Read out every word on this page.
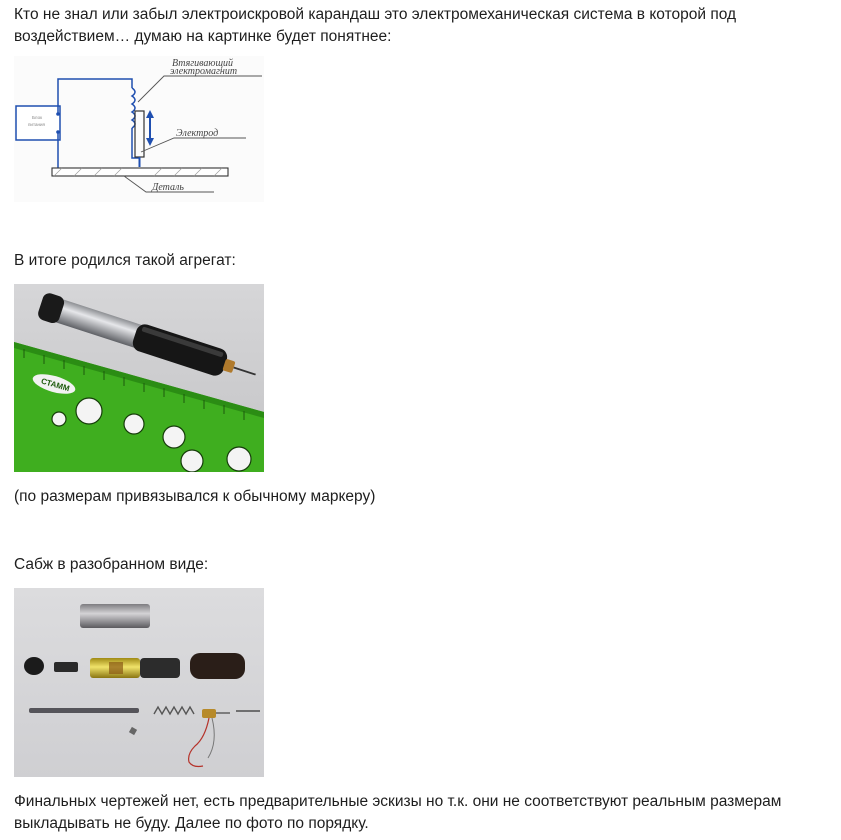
Кто не знал или забыл электроискровой карандаш это электромеханическая система в которой под воздействием… думаю на картинке будет понятнее:
Блок
питания
Втягивающий
электромагнит
Электрод
Деталь
В итоге родился такой агрегат:
СТАММ
(по размерам привязывался к обычному маркеру)
Сабж в разобранном виде:
Финальных чертежей нет, есть предварительные эскизы но т.к. они не соответствуют реальным размерам выкладывать не буду. Далее по фото по порядку.
